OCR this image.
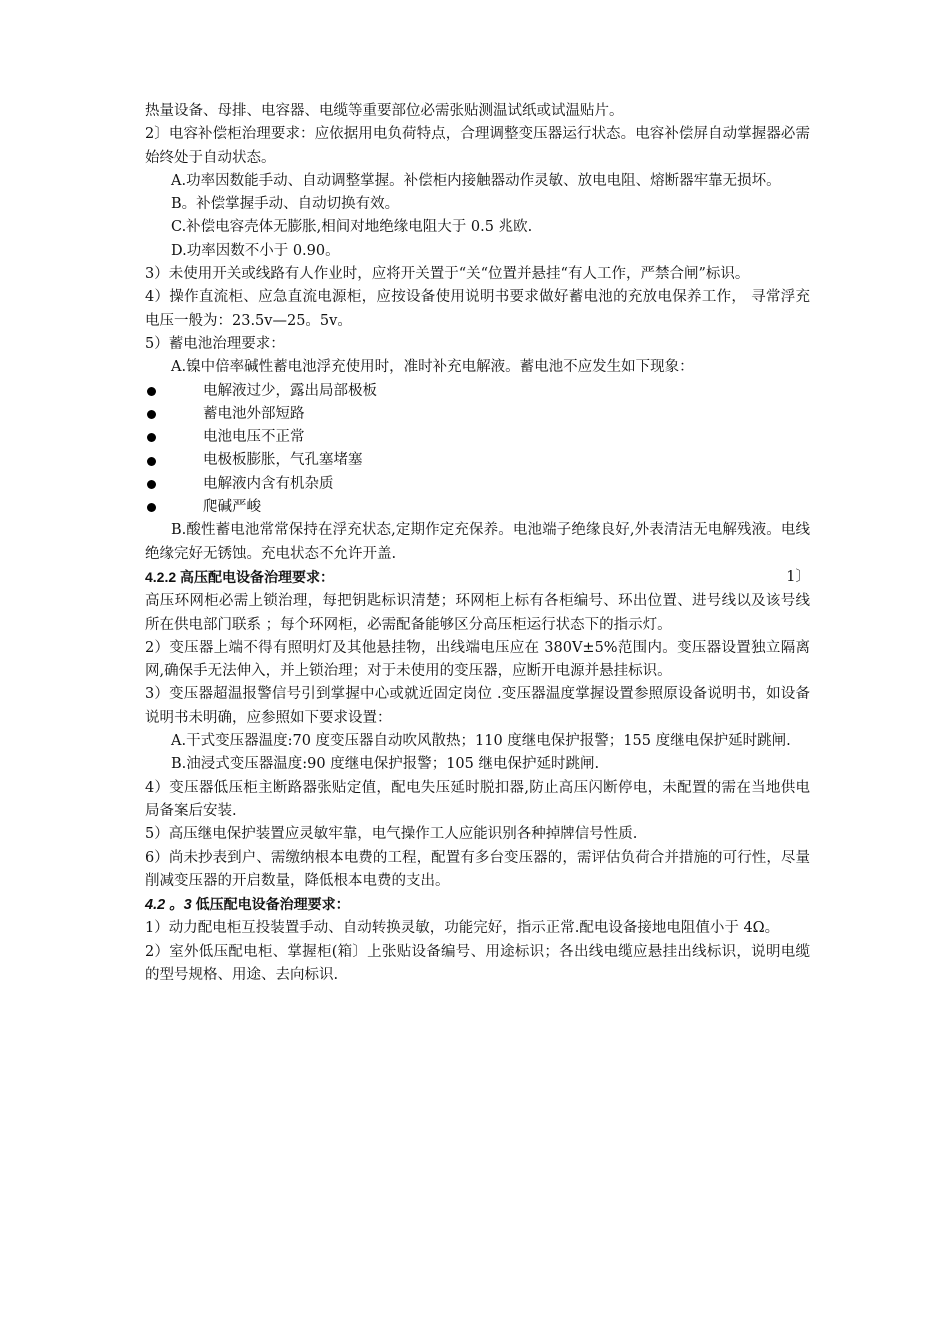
热量设备、母排、电容器、电缆等重要部位必需张贴测温试纸或试温贴片。

2〕电容补偿柜治理要求：应依据用电负荷特点，合理调整变压器运行状态。电容补偿屏自动掌握器必需始终处于自动状态。

A.功率因数能手动、自动调整掌握。补偿柜内接触器动作灵敏、放电电阻、熔断器牢靠无损坏。

B。补偿掌握手动、自动切换有效。

C.补偿电容壳体无膨胀,相间对地绝缘电阻大于 0.5 兆欧.

D.功率因数不小于 0.90。

3）未使用开关或线路有人作业时，应将开关置于“关“位置并悬挂“有人工作，严禁合闸”标识。

4）操作直流柜、应急直流电源柜，应按设备使用说明书要求做好蓄电池的充放电保养工作， 寻常浮充电压一般为：23.5v—25。5v。

5）蓄电池治理要求：

A.镍中倍率碱性蓄电池浮充使用时，准时补充电解液。蓄电池不应发生如下现象：

电解液过少，露出局部极板
蓄电池外部短路
电池电压不正常
电极板膨胀，气孔塞堵塞
电解液内含有机杂质
爬碱严峻

B.酸性蓄电池常常保持在浮充状态,定期作定充保养。电池端子绝缘良好,外表清洁无电解残液。电线绝缘完好无锈蚀。充电状态不允许开盖.

4.2.2 高压配电设备治理要求：	1〕

高压环网柜必需上锁治理，每把钥匙标识清楚；环网柜上标有各柜编号、环出位置、进号线以及该号线所在供电部门联系 ；每个环网柜，必需配备能够区分高压柜运行状态下的指示灯。

2）变压器上端不得有照明灯及其他悬挂物，出线端电压应在 380V±5%范围内。变压器设置独立隔离网,确保手无法伸入，并上锁治理；对于未使用的变压器，应断开电源并悬挂标识。

3）变压器超温报警信号引到掌握中心或就近固定岗位 .变压器温度掌握设置参照原设备说明书，如设备说明书未明确，应参照如下要求设置：

A.干式变压器温度:70 度变压器自动吹风散热；110 度继电保护报警；155 度继电保护延时跳闸.

B.油浸式变压器温度:90 度继电保护报警；105 继电保护延时跳闸.

4）变压器低压柜主断路器张贴定值，配电失压延时脱扣器,防止高压闪断停电，未配置的需在当地供电局备案后安装.

5）高压继电保护装置应灵敏牢靠，电气操作工人应能识别各种掉牌信号性质.

6）尚未抄表到户、需缴纳根本电费的工程，配置有多台变压器的，需评估负荷合并措施的可行性，尽量削减变压器的开启数量，降低根本电费的支出。

4.2 。3 低压配电设备治理要求：

1）动力配电柜互投装置手动、自动转换灵敏，功能完好，指示正常.配电设备接地电阻值小于 4Ω。

2）室外低压配电柜、掌握柜(箱〕上张贴设备编号、用途标识；各出线电缆应悬挂出线标识，说明电缆的型号规格、用途、去向标识.
